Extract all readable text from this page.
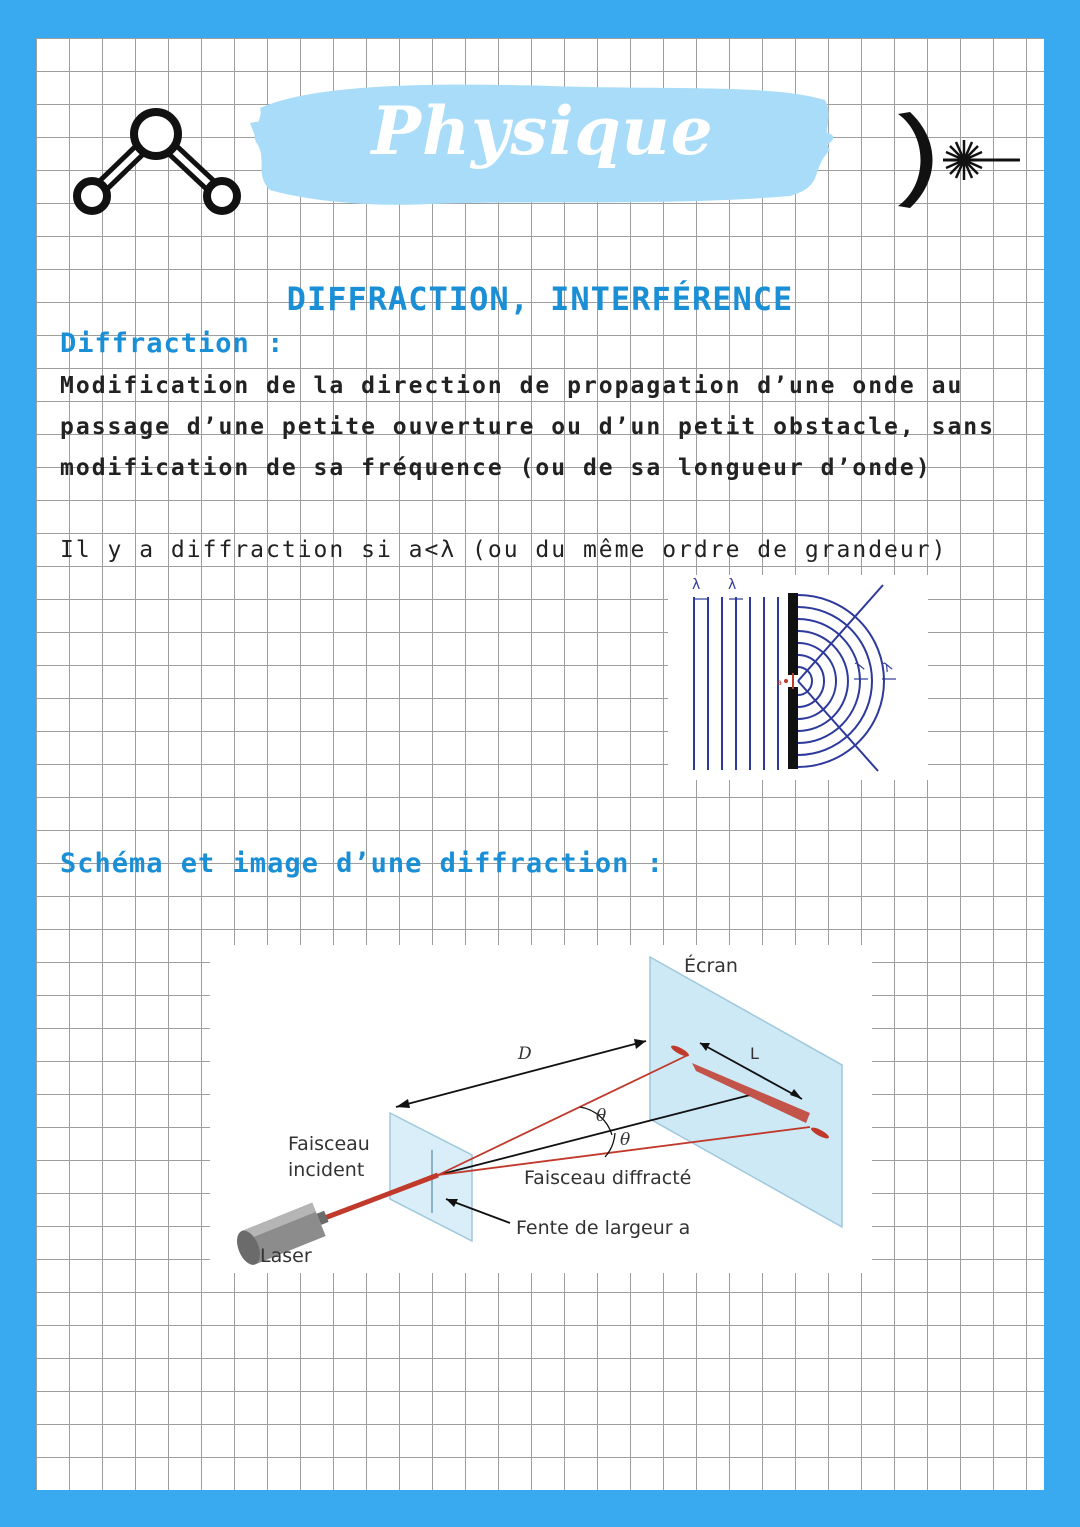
Physique
DIFFRACTION, INTERFÉRENCE
Diffraction :

Modification de la direction de propagation d’une onde au passage d’une petite ouverture ou d’un petit obstacle, sans modification de sa fréquence (ou de sa longueur d’onde)

Il y a diffraction si a<λ (ou du même ordre de grandeur)

λ λ
λ λ
a
Schéma et image d’une diffraction :

Écran

D	L

θ

θ

Faisceau

incident	Faisceau diffracté

Fente de largeur a

Laser
